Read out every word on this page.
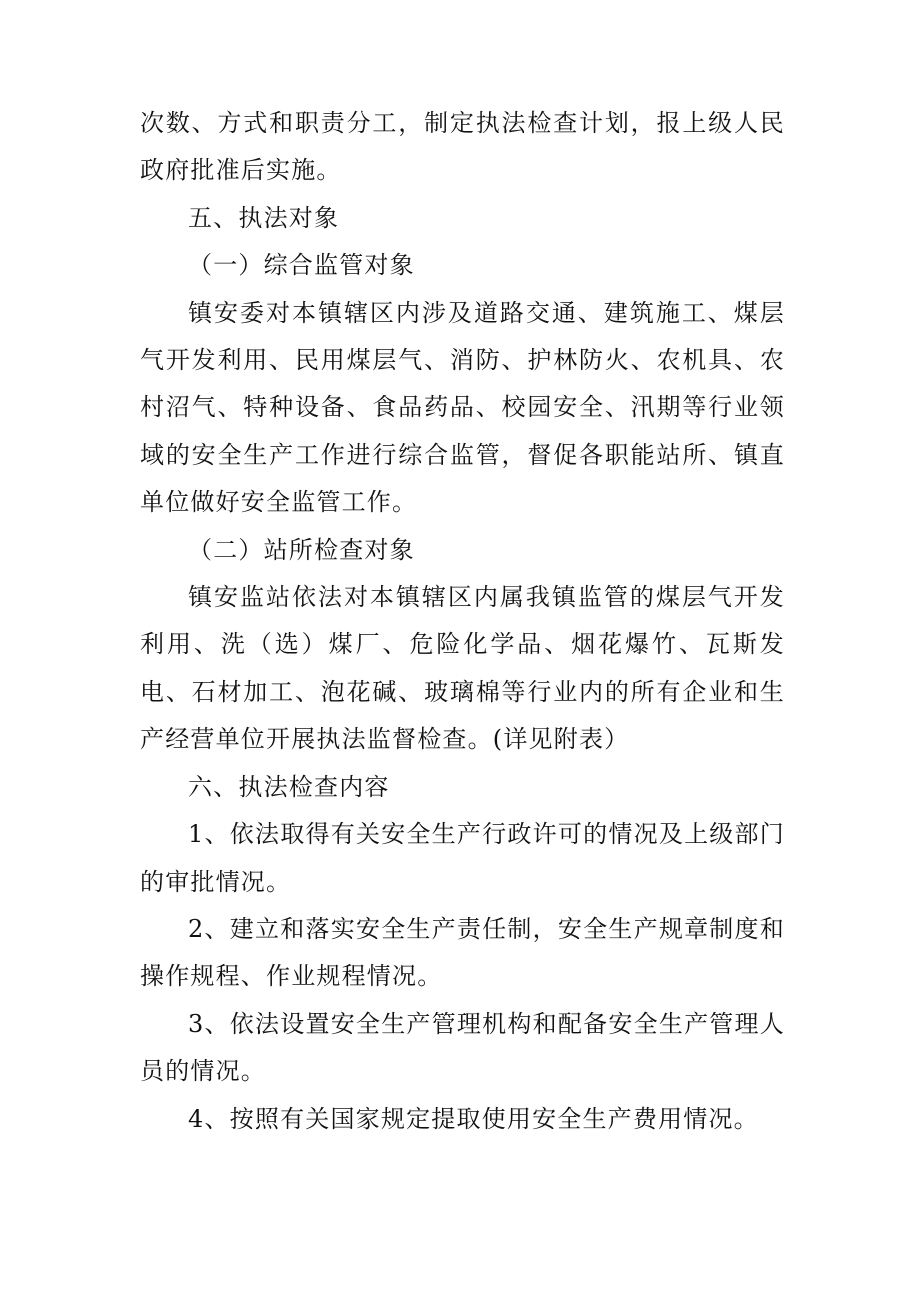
次数、方式和职责分工，制定执法检查计划，报上级人民政府批准后实施。

五、执法对象

（一）综合监管对象

镇安委对本镇辖区内涉及道路交通、建筑施工、煤层气开发利用、民用煤层气、消防、护林防火、农机具、农村沼气、特种设备、食品药品、校园安全、汛期等行业领域的安全生产工作进行综合监管，督促各职能站所、镇直单位做好安全监管工作。

（二）站所检查对象

镇安监站依法对本镇辖区内属我镇监管的煤层气开发利用、洗（选）煤厂、危险化学品、烟花爆竹、瓦斯发电、石材加工、泡花碱、玻璃棉等行业内的所有企业和生产经营单位开展执法监督检查。(详见附表）

六、执法检查内容

1、依法取得有关安全生产行政许可的情况及上级部门的审批情况。

2、建立和落实安全生产责任制，安全生产规章制度和操作规程、作业规程情况。

3、依法设置安全生产管理机构和配备安全生产管理人员的情况。

4、按照有关国家规定提取使用安全生产费用情况。
